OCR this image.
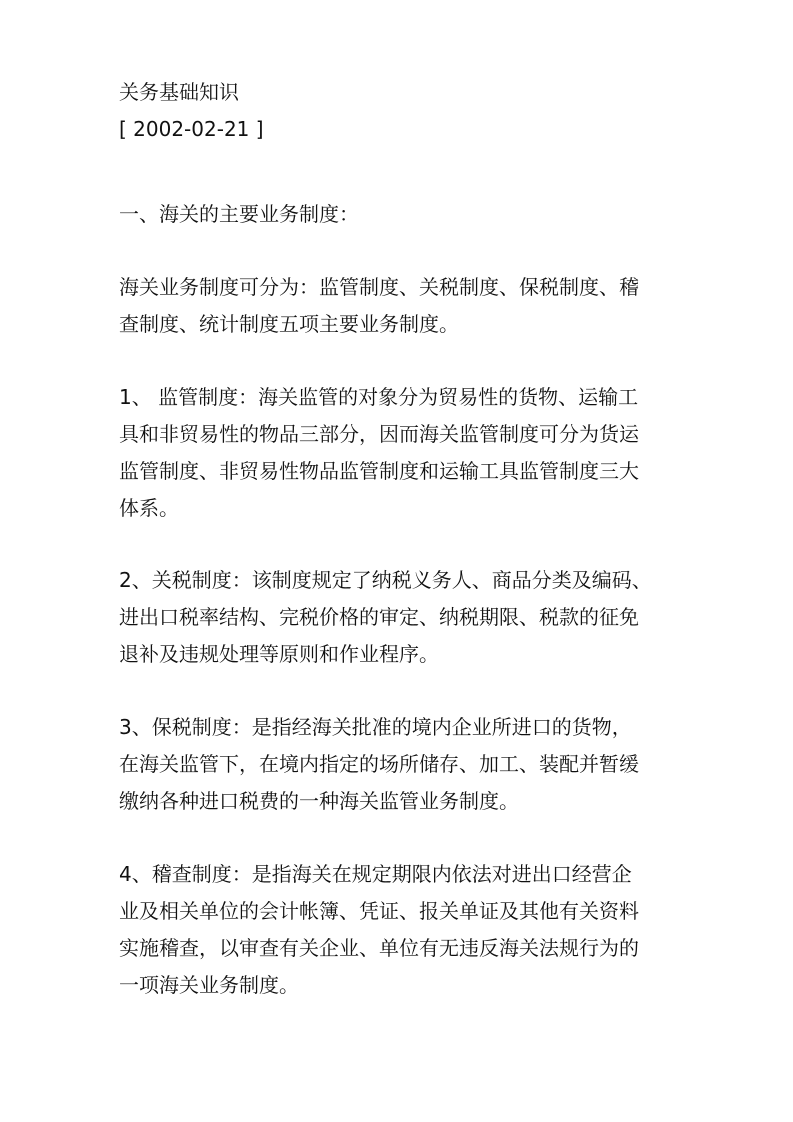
关务基础知识
[ 2002-02-21 ]
一、海关的主要业务制度：
海关业务制度可分为：监管制度、关税制度、保税制度、稽
查制度、统计制度五项主要业务制度。
1、 监管制度：海关监管的对象分为贸易性的货物、运输工
具和非贸易性的物品三部分，因而海关监管制度可分为货运
监管制度、非贸易性物品监管制度和运输工具监管制度三大
体系。
2、关税制度：该制度规定了纳税义务人、商品分类及编码、
进出口税率结构、完税价格的审定、纳税期限、税款的征免
退补及违规处理等原则和作业程序。
3、保税制度：是指经海关批准的境内企业所进口的货物，
在海关监管下，在境内指定的场所储存、加工、装配并暂缓
缴纳各种进口税费的一种海关监管业务制度。
4、稽查制度：是指海关在规定期限内依法对进出口经营企
业及相关单位的会计帐簿、凭证、报关单证及其他有关资料
实施稽查，以审查有关企业、单位有无违反海关法规行为的
一项海关业务制度。
